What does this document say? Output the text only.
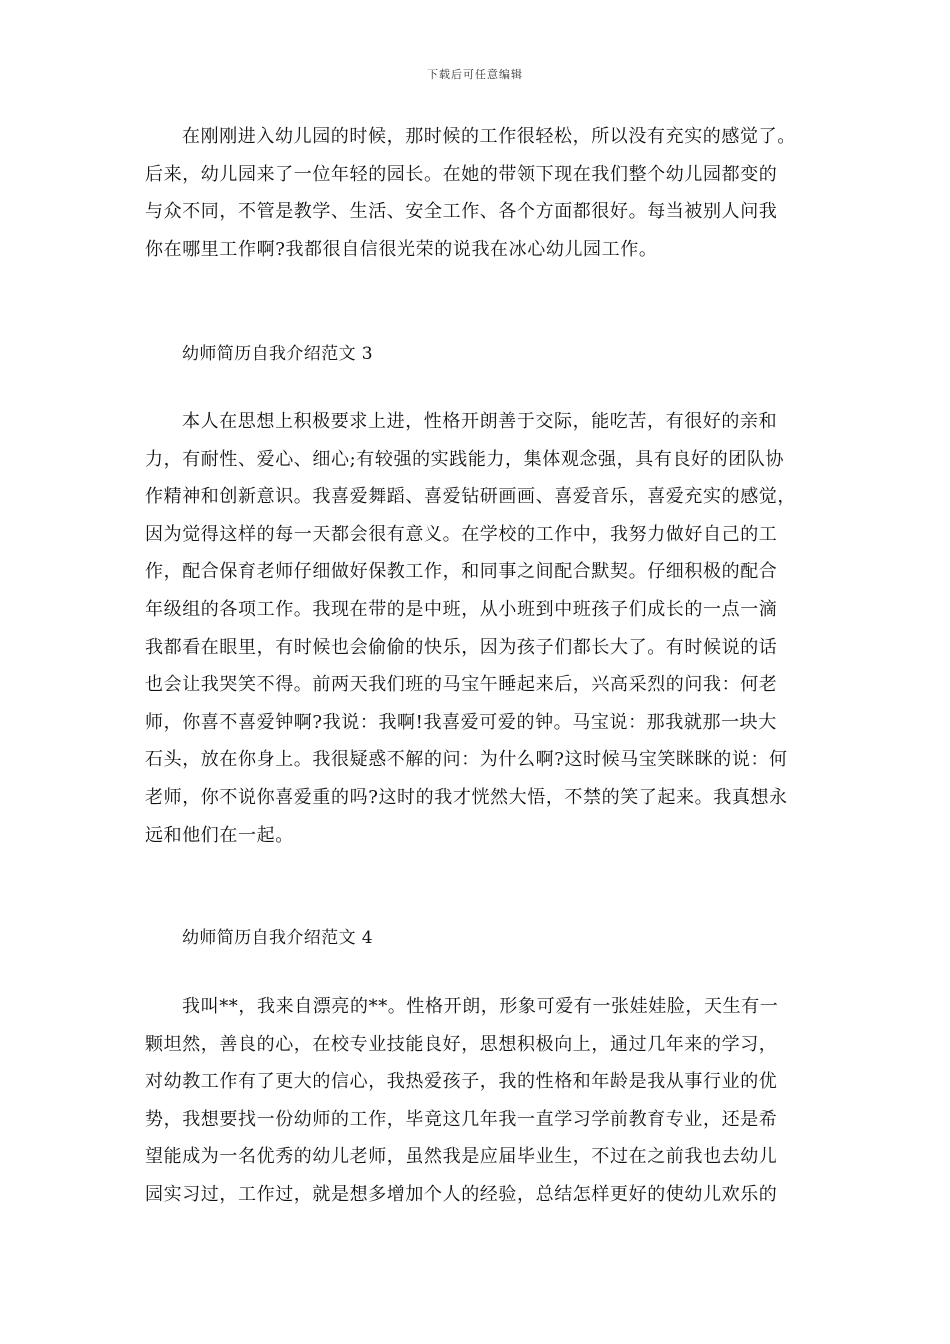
下载后可任意编辑
在刚刚进入幼儿园的时候，那时候的工作很轻松，所以没有充实的感觉了。
后来，幼儿园来了一位年轻的园长。在她的带领下现在我们整个幼儿园都变的
与众不同，不管是教学、生活、安全工作、各个方面都很好。每当被别人问我
你在哪里工作啊?我都很自信很光荣的说我在冰心幼儿园工作。
幼师简历自我介绍范文 3
本人在思想上积极要求上进，性格开朗善于交际，能吃苦，有很好的亲和
力，有耐性、爱心、细心;有较强的实践能力，集体观念强，具有良好的团队协
作精神和创新意识。我喜爱舞蹈、喜爱钻研画画、喜爱音乐，喜爱充实的感觉，
因为觉得这样的每一天都会很有意义。在学校的工作中，我努力做好自己的工
作，配合保育老师仔细做好保教工作，和同事之间配合默契。仔细积极的配合
年级组的各项工作。我现在带的是中班，从小班到中班孩子们成长的一点一滴
我都看在眼里，有时候也会偷偷的快乐，因为孩子们都长大了。有时候说的话
也会让我哭笑不得。前两天我们班的马宝午睡起来后，兴高采烈的问我：何老
师，你喜不喜爱钟啊?我说：我啊!我喜爱可爱的钟。马宝说：那我就那一块大
石头，放在你身上。我很疑惑不解的问：为什么啊?这时候马宝笑眯眯的说：何
老师，你不说你喜爱重的吗?这时的我才恍然大悟，不禁的笑了起来。我真想永
远和他们在一起。
幼师简历自我介绍范文 4
我叫**，我来自漂亮的**。性格开朗，形象可爱有一张娃娃脸，天生有一
颗坦然，善良的心，在校专业技能良好，思想积极向上，通过几年来的学习，
对幼教工作有了更大的信心，我热爱孩子，我的性格和年龄是我从事行业的优
势，我想要找一份幼师的工作，毕竟这几年我一直学习学前教育专业，还是希
望能成为一名优秀的幼儿老师，虽然我是应届毕业生，不过在之前我也去幼儿
园实习过，工作过，就是想多增加个人的经验，总结怎样更好的使幼儿欢乐的
